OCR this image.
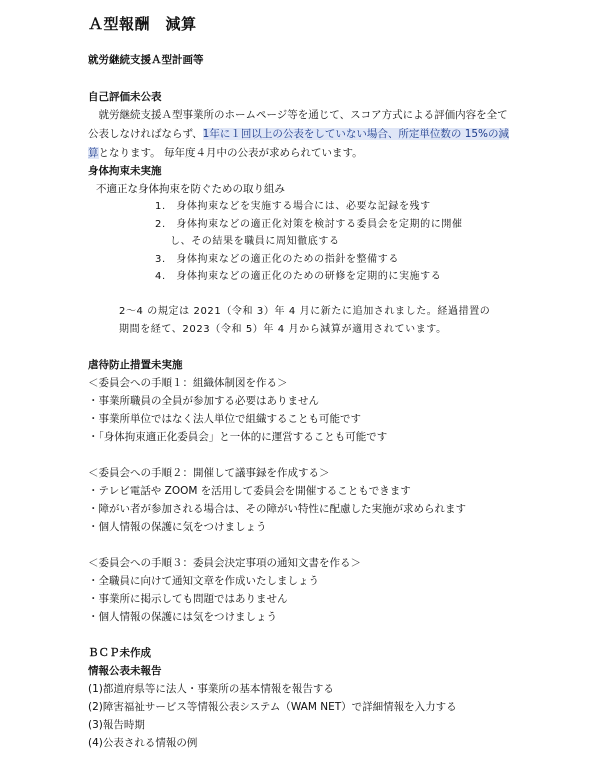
Ａ型報酬　減算
就労継続支援Ａ型計画等
自己評価未公表
　就労継続支援Ａ型事業所のホームページ等を通じて、スコア方式による評価内容を全て
公表しなければならず、1年に１回以上の公表をしていない場合、所定単位数の 15%の減
算となります。 毎年度４月中の公表が求められています。
身体拘束未実施
不適正な身体拘束を防ぐための取り組み
1.　身体拘束などを実施する場合には、必要な記録を残す
2.　身体拘束などの適正化対策を検討する委員会を定期的に開催
し、その結果を職員に周知徹底する
3.　身体拘束などの適正化のための指針を整備する
4.　身体拘束などの適正化のための研修を定期的に実施する
2～4 の規定は 2021（令和 3）年 4 月に新たに追加されました。経過措置の
期間を経て、2023（令和 5）年 4 月から減算が適用されています。
虐待防止措置未実施
＜委員会への手順１：組織体制図を作る＞
・事業所職員の全員が参加する必要はありません
・事業所単位ではなく法人単位で組織することも可能です
・「身体拘束適正化委員会」と一体的に運営することも可能です
＜委員会への手順２：開催して議事録を作成する＞
・テレビ電話や ZOOM を活用して委員会を開催することもできます
・障がい者が参加される場合は、その障がい特性に配慮した実施が求められます
・個人情報の保護に気をつけましょう
＜委員会への手順３：委員会決定事項の通知文書を作る＞
・全職員に向けて通知文章を作成いたしましょう
・事業所に掲示しても問題ではありません
・個人情報の保護には気をつけましょう
ＢＣＰ未作成
情報公表未報告
(1)都道府県等に法人・事業所の基本情報を報告する
(2)障害福祉サービス等情報公表システム（WAM NET）で詳細情報を入力する
(3)報告時期
(4)公表される情報の例
